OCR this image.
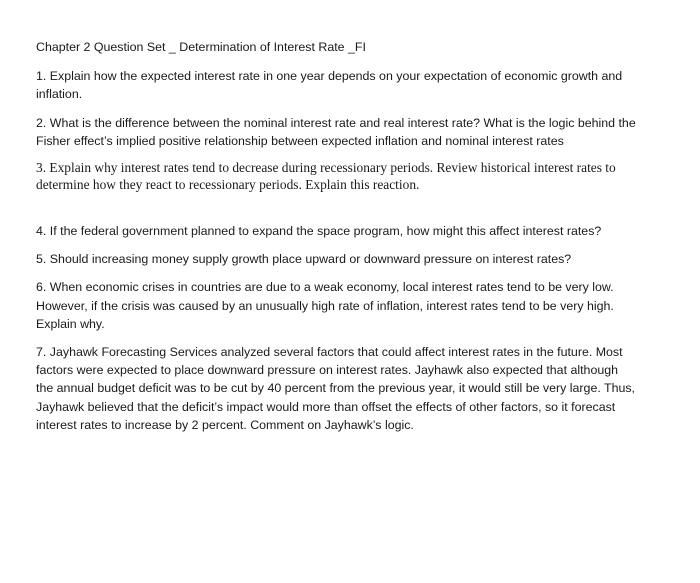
Chapter 2 Question Set _ Determination of Interest Rate _FI

1. Explain how the expected interest rate in one year depends on your expectation of economic growth and inflation.

2. What is the difference between the nominal interest rate and real interest rate? What is the logic behind the Fisher effect’s implied positive relationship between expected inflation and nominal interest rates

3. Explain why interest rates tend to decrease during recessionary periods. Review historical interest rates to determine how they react to recessionary periods. Explain this reaction.

4. If the federal government planned to expand the space program, how might this affect interest rates?

5. Should increasing money supply growth place upward or downward pressure on interest rates?

6. When economic crises in countries are due to a weak economy, local interest rates tend to be very low. However, if the crisis was caused by an unusually high rate of inflation, interest rates tend to be very high. Explain why.

7. Jayhawk Forecasting Services analyzed several factors that could affect interest rates in the future. Most factors were expected to place downward pressure on interest rates. Jayhawk also expected that although the annual budget deficit was to be cut by 40 percent from the previous year, it would still be very large. Thus, Jayhawk believed that the deficit’s impact would more than offset the effects of other factors, so it forecast interest rates to increase by 2 percent. Comment on Jayhawk’s logic.
